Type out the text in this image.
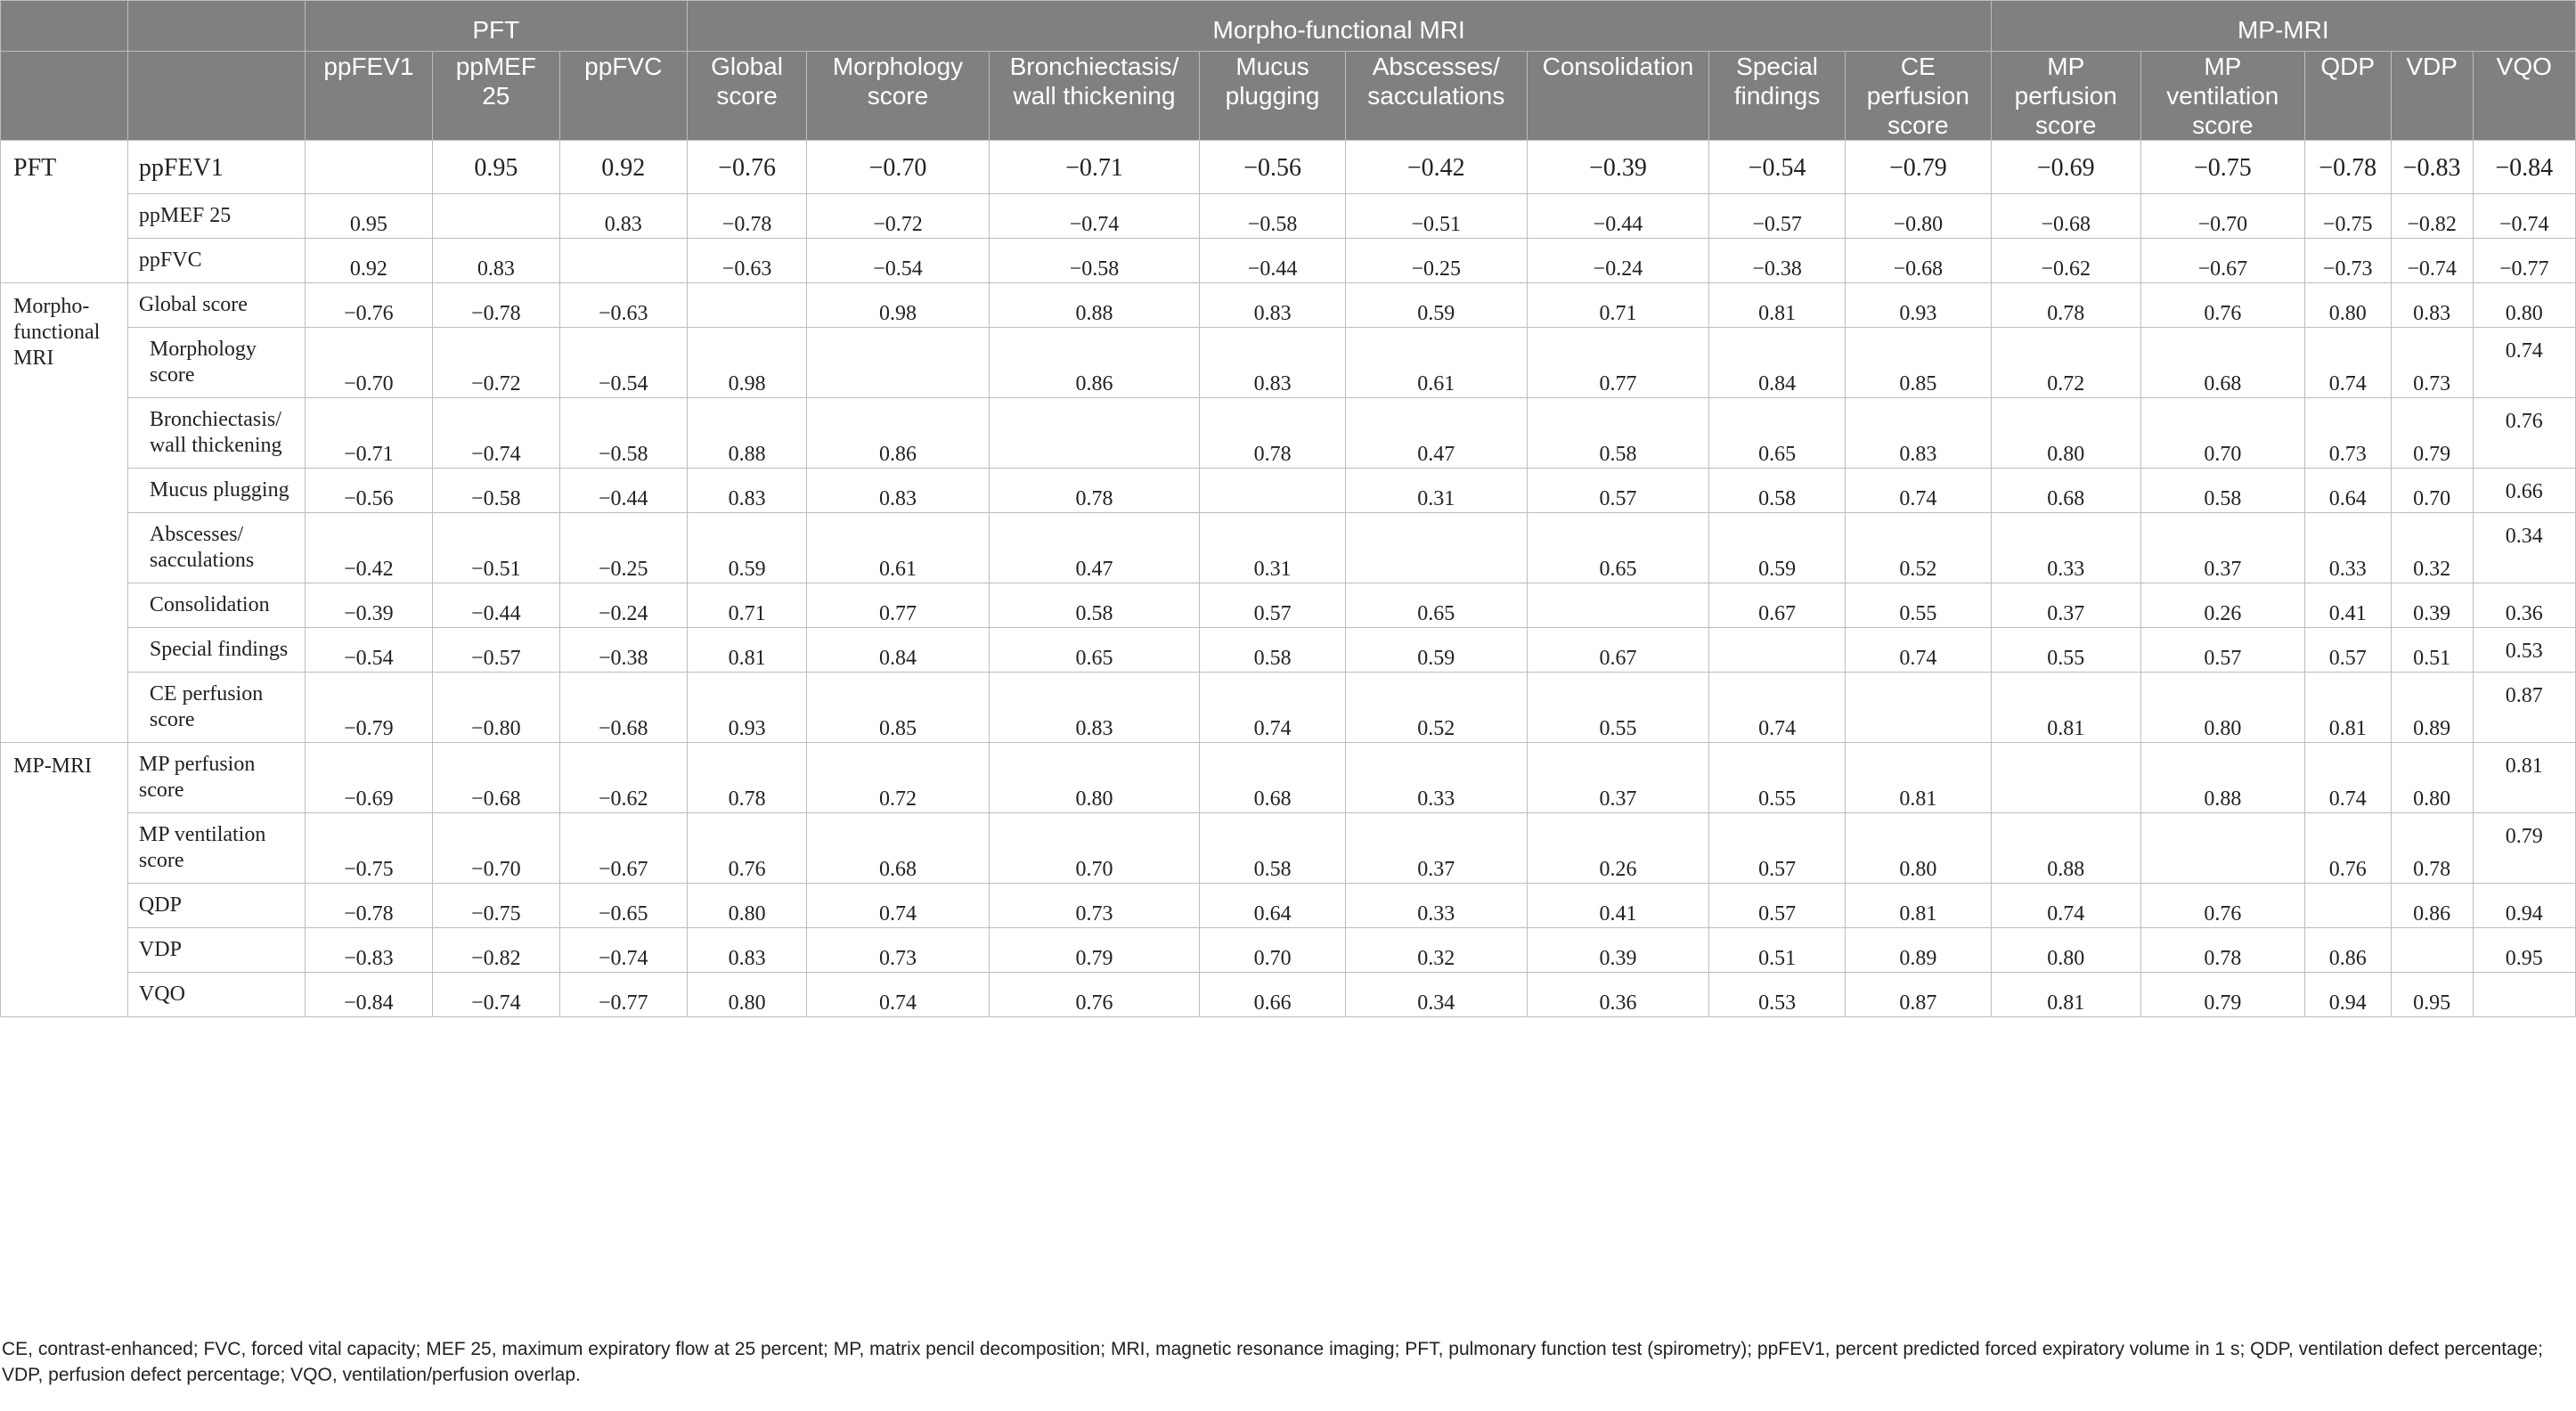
		PFT			Morpho-functional MRI								MP-MRI				
		ppFEV1	ppMEF 25	ppFVC	Global score	Morphology score	Bronchiectasis/ wall thickening	Mucus plugging	Abscesses/ sacculations	Consolidation	Special findings	CE perfusion score	MP perfusion score	MP ventilation score	QDP	VDP	VQO
PFT	ppFEV1		0.95	0.92	−0.76	−0.70	−0.71	−0.56	−0.42	−0.39	−0.54	−0.79	−0.69	−0.75	−0.78	−0.83	−0.84
	ppMEF 25	0.95		0.83	−0.78	−0.72	−0.74	−0.58	−0.51	−0.44	−0.57	−0.80	−0.68	−0.70	−0.75	−0.82	−0.74
	ppFVC	0.92	0.83		−0.63	−0.54	−0.58	−0.44	−0.25	−0.24	−0.38	−0.68	−0.62	−0.67	−0.73	−0.74	−0.77
Morpho-functional MRI	Global score	−0.76	−0.78	−0.63		0.98	0.88	0.83	0.59	0.71	0.81	0.93	0.78	0.76	0.80	0.83	0.80
	Morphology score	−0.70	−0.72	−0.54	0.98		0.86	0.83	0.61	0.77	0.84	0.85	0.72	0.68	0.74	0.73	0.74
	Bronchiectasis/ wall thickening	−0.71	−0.74	−0.58	0.88	0.86		0.78	0.47	0.58	0.65	0.83	0.80	0.70	0.73	0.79	0.76
	Mucus plugging	−0.56	−0.58	−0.44	0.83	0.83	0.78		0.31	0.57	0.58	0.74	0.68	0.58	0.64	0.70	0.66
	Abscesses/ sacculations	−0.42	−0.51	−0.25	0.59	0.61	0.47	0.31		0.65	0.59	0.52	0.33	0.37	0.33	0.32	0.34
	Consolidation	−0.39	−0.44	−0.24	0.71	0.77	0.58	0.57	0.65		0.67	0.55	0.37	0.26	0.41	0.39	0.36
	Special findings	−0.54	−0.57	−0.38	0.81	0.84	0.65	0.58	0.59	0.67		0.74	0.55	0.57	0.57	0.51	0.53
	CE perfusion score	−0.79	−0.80	−0.68	0.93	0.85	0.83	0.74	0.52	0.55	0.74		0.81	0.80	0.81	0.89	0.87
MP-MRI	MP perfusion score	−0.69	−0.68	−0.62	0.78	0.72	0.80	0.68	0.33	0.37	0.55	0.81		0.88	0.74	0.80	0.81
	MP ventilation score	−0.75	−0.70	−0.67	0.76	0.68	0.70	0.58	0.37	0.26	0.57	0.80	0.88		0.76	0.78	0.79
	QDP	−0.78	−0.75	−0.65	0.80	0.74	0.73	0.64	0.33	0.41	0.57	0.81	0.74	0.76		0.86	0.94
	VDP	−0.83	−0.82	−0.74	0.83	0.73	0.79	0.70	0.32	0.39	0.51	0.89	0.80	0.78	0.86		0.95
	VQO	−0.84	−0.74	−0.77	0.80	0.74	0.76	0.66	0.34	0.36	0.53	0.87	0.81	0.79	0.94	0.95	
CE, contrast-enhanced; FVC, forced vital capacity; MEF 25, maximum expiratory flow at 25 percent; MP, matrix pencil decomposition; MRI, magnetic resonance imaging; PFT, pulmonary function test (spirometry); ppFEV1, percent predicted forced expiratory volume in 1 s; QDP, ventilation defect percentage; VDP, perfusion defect percentage; VQO, ventilation/perfusion overlap.
